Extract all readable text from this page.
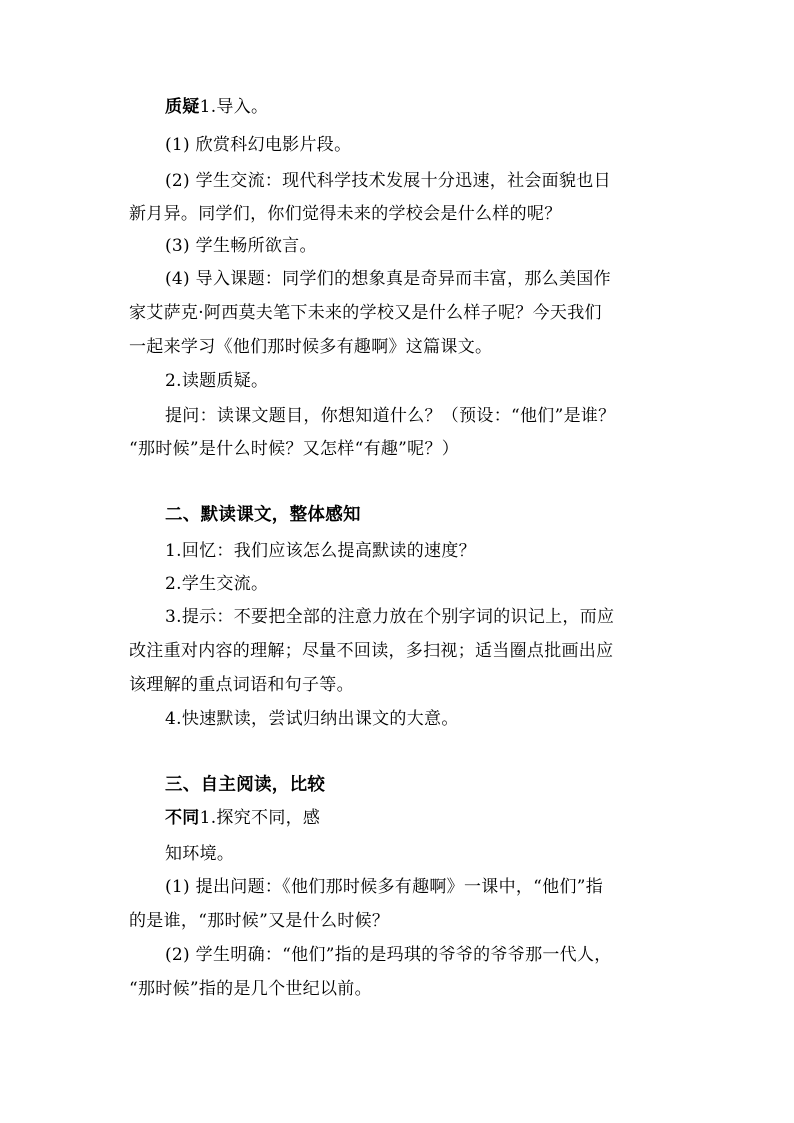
质疑1.导入。
(1) 欣赏科幻电影片段。
(2) 学生交流：现代科学技术发展十分迅速，社会面貌也日
新月异。同学们，你们觉得未来的学校会是什么样的呢？
(3) 学生畅所欲言。
(4) 导入课题：同学们的想象真是奇异而丰富，那么美国作
家艾萨克·阿西莫夫笔下未来的学校又是什么样子呢？今天我们
一起来学习《他们那时候多有趣啊》这篇课文。
2.读题质疑。
提问：读课文题目，你想知道什么？（预设：“他们”是谁？
“那时候”是什么时候？又怎样“有趣”呢？）
二、默读课文，整体感知
1.回忆：我们应该怎么提高默读的速度？
2.学生交流。
3.提示：不要把全部的注意力放在个别字词的识记上，而应
改注重对内容的理解；尽量不回读，多扫视；适当圈点批画出应
该理解的重点词语和句子等。
4.快速默读，尝试归纳出课文的大意。
三、自主阅读，比较
不同1.探究不同，感
知环境。
(1) 提出问题：《他们那时候多有趣啊》一课中，“他们”指
的是谁，“那时候”又是什么时候？
(2) 学生明确：“他们”指的是玛琪的爷爷的爷爷那一代人，
“那时候”指的是几个世纪以前。
